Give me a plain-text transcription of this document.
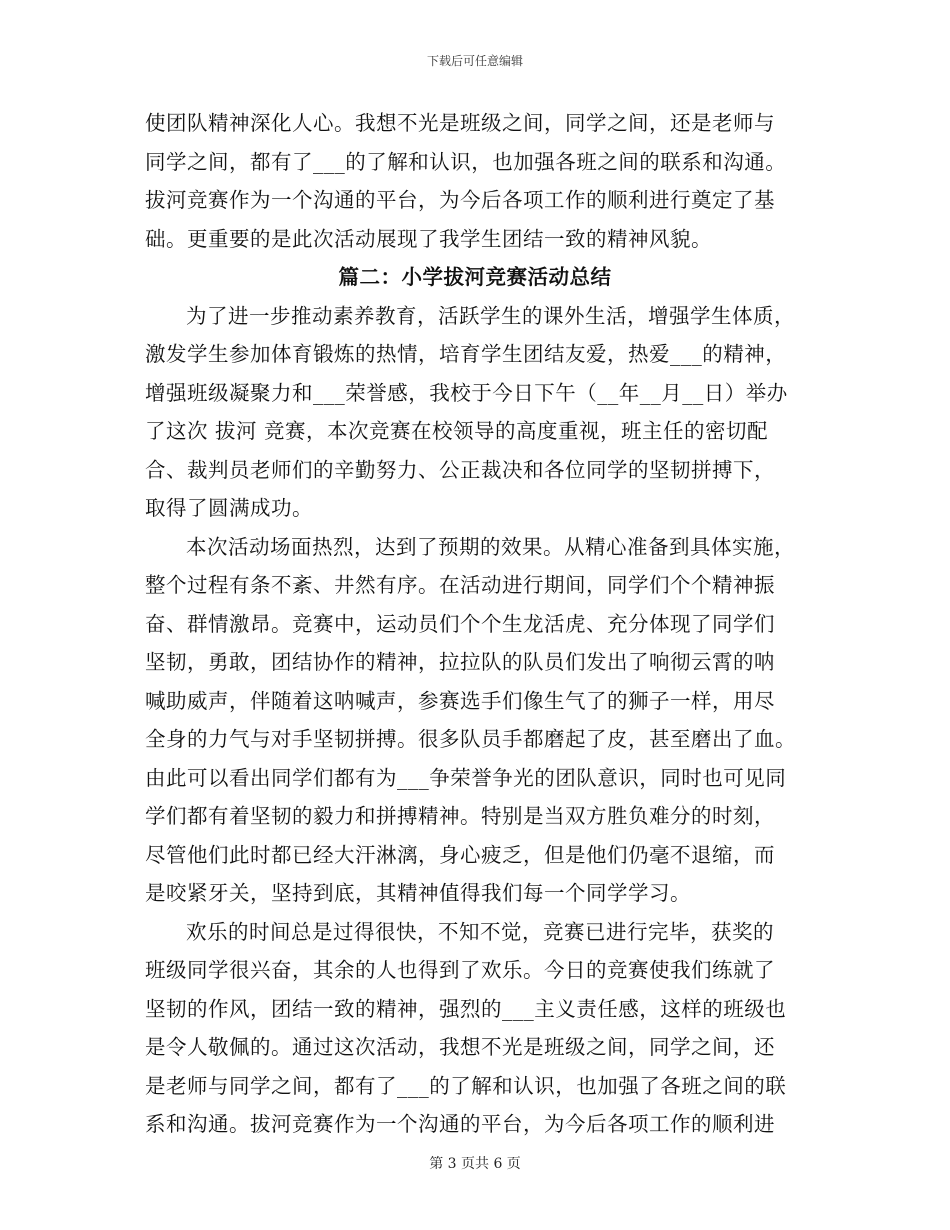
下载后可任意编辑
使团队精神深化人心。我想不光是班级之间，同学之间，还是老师与
同学之间，都有了___的了解和认识，也加强各班之间的联系和沟通。
拔河竞赛作为一个沟通的平台，为今后各项工作的顺利进行奠定了基
础。更重要的是此次活动展现了我学生团结一致的精神风貌。
篇二：小学拔河竞赛活动总结
为了进一步推动素养教育，活跃学生的课外生活，增强学生体质，
激发学生参加体育锻炼的热情，培育学生团结友爱，热爱___的精神，
增强班级凝聚力和___荣誉感，我校于今日下午（__年__月__日）举办
了这次 拔河 竞赛，本次竞赛在校领导的高度重视，班主任的密切配
合、裁判员老师们的辛勤努力、公正裁决和各位同学的坚韧拼搏下，
取得了圆满成功。
本次活动场面热烈，达到了预期的效果。从精心准备到具体实施，
整个过程有条不紊、井然有序。在活动进行期间，同学们个个精神振
奋、群情激昂。竞赛中，运动员们个个生龙活虎、充分体现了同学们
坚韧，勇敢，团结协作的精神，拉拉队的队员们发出了响彻云霄的呐
喊助威声，伴随着这呐喊声，参赛选手们像生气了的狮子一样，用尽
全身的力气与对手坚韧拼搏。很多队员手都磨起了皮，甚至磨出了血。
由此可以看出同学们都有为___争荣誉争光的团队意识，同时也可见同
学们都有着坚韧的毅力和拼搏精神。特别是当双方胜负难分的时刻，
尽管他们此时都已经大汗淋漓，身心疲乏，但是他们仍毫不退缩，而
是咬紧牙关，坚持到底，其精神值得我们每一个同学学习。
欢乐的时间总是过得很快，不知不觉，竞赛已进行完毕，获奖的
班级同学很兴奋，其余的人也得到了欢乐。今日的竞赛使我们练就了
坚韧的作风，团结一致的精神，强烈的___主义责任感，这样的班级也
是令人敬佩的。通过这次活动，我想不光是班级之间，同学之间，还
是老师与同学之间，都有了___的了解和认识，也加强了各班之间的联
系和沟通。拔河竞赛作为一个沟通的平台，为今后各项工作的顺利进
第 3 页共 6 页
